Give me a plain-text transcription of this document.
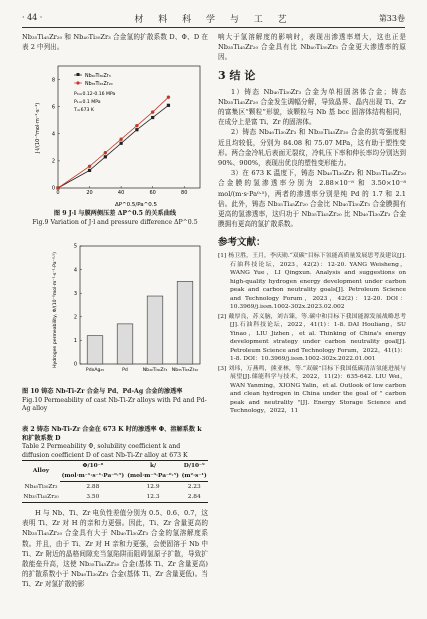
· 44 ·	材 料 科 学 与 工 艺	第33卷

Nb₃₅Ti₄₅Zr₂₀ 和 Nb₄₀Ti₃₀Zr₃ 合金氢的扩散系数 D、Φ、D 在表 2 中列出。

0	20	40	60	80
0
2
4
6
8
J·l/(10⁻⁵mol·m⁻¹·s⁻¹)
ΔP^0.5/Pa^0.5
Nb₄₀Ti₃₀Zr₃
Nb₃₅Ti₄₅Zr₂₀
P₀=0.12-0.16 MPa
P₁=0.1 MPa
T=673 K

图 9 J·l 与膜两侧压差 ΔP^0.5 的关系曲线

Fig.9 Variation of J·l and pressure difference ΔP^0.5

0
1
2
3
4
5
PdxAg₂₅	Pd	Nb₄₀Ti₃₀Zr₃ Nb₃₅Ti₄₅Zr₂₀
Hydrogen permeability, Φ/(10⁻⁸mol·m⁻¹·s⁻¹·Pa⁻⁰·⁵)

图 10 铸态 Nb-Ti-Zr 合金与 Pd、Pd-Ag 合金的渗透率

Fig.10 Permeability of cast Nb-Ti-Zr alloys with Pd and Pd-Ag alloy

表 2 铸态 Nb-Ti-Zr 合金在 673 K 时的渗透率 Φ、溶解系数 k 和扩散系数 D

Table 2 Permeability Φ, solubility coefficient k and diffusion coefficient D of cast Nb-Ti-Zr alloy at 673 K

Alloy	Φ/10⁻⁸	k/	D/10⁻⁹
	(mol·m⁻¹·s⁻¹·Pa⁻⁰·⁵)	(mol·m⁻³·Pa⁻⁰·⁵)	(m²·s⁻¹)
Nb₄₀Ti₃₀Zr₃	2.88	12.9	2.23
Nb₃₅Ti₄₅Zr₂₀	3.50	12.3	2.84

H 与 Nb、Ti、Zr 电负性差值分别为 0.5、0.6、0.7，这表明 Ti、Zr 对 H 的亲和力更强。因此，Ti、Zr 含量更高的 Nb₃₅Ti₄₅Zr₂₀ 合金具有大于 Nb₄₀Ti₃₀Zr₃ 合金的氢溶解度系数。并且，由于 Ti、Zr 对 H 亲和力更强，会使固溶于 Nb 中 Ti、Zr 附近的晶格间隙充当氢陷阱而阻碍氢原子扩散，导致扩散能垒升高，这使 Nb₃₅Ti₄₅Zr₂₀ 合金(基体 Ti、Zr 含量更高)的扩散系数小于 Nb₄₀Ti₃₀Zr₃ 合金(基体 Ti、Zr 含量更低)。当 Ti、Zr 对氢扩散的影

响大于氢溶解度的影响时，表现出渗透率增大，这也正是 Nb₃₅Ti₄₅Zr₂₀ 合金具有比 Nb₄₀Ti₃₀Zr₃ 合金更大渗透率的原因。

3 结 论

1）铸态 Nb₄₀Ti₃₀Zr₃ 合金为单相固溶体合金；铸态 Nb₃₅Ti₄₅Zr₂₀ 合金发生调幅分解，导致晶界、晶内出现 Ti、Zr 的富集区“颗粒”形貌，该颗粒与 Nb 基 bcc 固溶体结构相同，在成分上是富 Ti、Zr 的固溶体。

2）铸态 Nb₄₀Ti₃₀Zr₃ 和 Nb₃₅Ti₄₅Zr₂₀ 合金的抗弯强度相近且均较低，分别为 84.08 和 75.07 MPa，这有助于塑性变形。两合金冷轧后表面无裂纹，冷轧压下率和伸长率均分别达到 90%、900%，表现出优良的塑性变形能力。

3）在 673 K 温度下，铸态 Nb₄₀Ti₃₀Zr₃ 和 Nb₃₅Ti₄₅Zr₂₀ 合金膜的氢渗透率分别为 2.88×10⁻⁸ 和 3.50×10⁻⁸ mol/(m·s·Pa⁰·⁵)，两者的渗透率分别是纯 Pd 的 1.7 和 2.1 倍。此外，铸态 Nb₃₅Ti₄₅Zr₂₀ 合金比 Nb₄₀Ti₃₀Zr₃ 合金膜拥有更高的氢渗透率，这归功于 Nb₃₅Ti₄₅Zr₂₀ 比 Nb₄₀Ti₃₀Zr₃ 合金膜拥有更高的氢扩散系数。

参考文献：

[1] 杨卫胜，王月，李庆勋.“双碳”目标下氢能高质量发展思考及建议[J].石油科技论坛，2023，42(2)：12-20. YANG Weisheng，WANG Yue，LI Qingxun. Analysis and suggestions on high-quality hydrogen energy development under carbon peak and carbon neutrality goals[J]. Petroleum Science and Technology Forum，2023，42(2)：12-20. DOI：10.3969/j.issn.1002-302x.2023.02.002

[2] 戴厚良，苏义脑，刘吉臻，等.碳中和目标下我国能源发展战略思考[J].石油科技论坛，2022，41(1)：1-8. DAI Houliang，SU Yinao，LIU Jizhen，et al. Thinking of China's energy development strategy under carbon neutrality goal[J]. Petroleum Science and Technology Forum，2022，41(1)：1-8. DOI：10.3969/j.issn.1002-302x.2022.01.001

[3] 刘玮，万燕鸣，熊亚林，等.“双碳”目标下我国低碳清洁氢能进展与展望[J].储能科学与技术，2022，11(2)：635-642. LIU Wei，WAN Yanming，XIONG Yalin，et al. Outlook of low carbon and clean hydrogen in China under the goal of " carbon peak and neutrality "[J]. Energy Storage Science and Technology，2022，11
